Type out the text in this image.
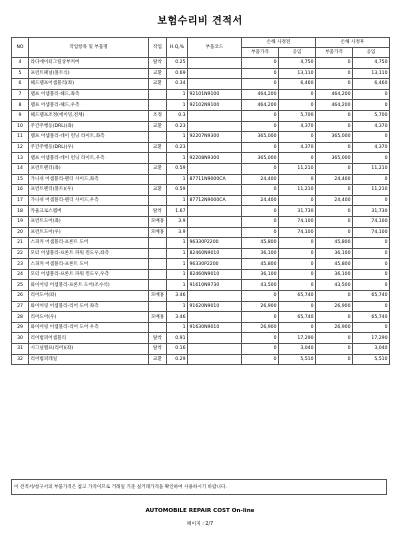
보험수리비 견적서
NO	작업항목 및 부품명	작업	H.Q,%	부품코드	손해 사정전		손해 사정후	
					부품가격	공임	부품가격	공임
4	라디에이터그릴상부커버	탈착	0.25		0	4,750	0	4,750
5	프런트패널(볼트식)	교환	0.69		0	13,110	0	13,110
6	헤드램프어셈블리(좌)	교환	0.34		0	6,460	0	6,460
7	램프 어셈블리-헤드,좌측		1	92101N9100	464,200	0	464,200	0
8	램프 어셈블리-헤드,우측		1	92102N9100	464,200	0	464,200	0
9	헤드램프조정(에이밍,전체)	조정	0.3		0	5,700	0	5,700
10	주간주행등(DRL)(좌)	교환	0.23		0	4,370	0	4,370
11	램프 어셈블리-데이 런닝 라이트,좌측		1	92207N9300	365,000	0	365,000	0
12	주간주행등(DRL)(우)	교환	0.23		0	4,370	0	4,370
13	램프 어셈블리-데이 런닝 라이트,우측		1	92208N9300	365,000	0	365,000	0
14	프런트펜더(좌)	교환	0.59		0	11,210	0	11,210
15	가니쉬 어셈블리-펜더 사이드,좌측		1	87711N9000CA	24,400	0	24,400	0
16	프런트펜더(볼트)(우)	교환	0.59		0	11,210	0	11,210
17	가니쉬 어셈블리-펜더 사이드,우측		1	87712N9000CA	24,400	0	24,400	0
18	카울크로스멤버	탈착	1.67		0	31,730	0	31,730
19	프런트도어(좌)	모배홍	3.9		0	74,100	0	74,100
20	프런트도어(우)	모배홍	3.9		0	74,100	0	74,100
21	스피커 어셈블리-프론트 도어		1	96330P2200	45,800	0	45,800	0
22	모터 어셈블리-프론트 파워 윈도우,좌측		1	82460N9010	36,100	0	36,100	0
23	스피커 어셈블리-프론트 도어		1	96330P2200	45,800	0	45,800	0
24	모터 어셈블리-프론트 파워 윈도우,우측		1	82460N9010	36,100	0	36,100	0
25	와이어링 어셈블리-프론트 도어(조수석)		1	91610N9730	43,500	0	43,500	0
26	리어도어(좌)	모배홍	3.46		0	65,740	0	65,740
27	와이어링 어셈블리-리어 도어 좌측		1	91620N9010	26,900	0	26,900	0
28	리어도어(우)	모배홍	3.46		0	65,740	0	65,740
29	와이어링 어셈블리-리어 도어 우측		1	91630N9010	26,900	0	26,900	0
30	리어범퍼어셈블리	탈착	0.91		0	17,290	0	17,290
31	시그널램프(리어)(좌)	탈착	0.16		0	3,040	0	3,040
32	리어범퍼레일	교환	0.29		0	5,510	0	5,510
이 견적서/청구서의 부품가격은 참고 가격이므로 거래일 기준 실거래가격을 확인하여 사용하시기 바랍니다.
AUTOMOBILE REPAIR COST On-line
페이지 : 2/7
